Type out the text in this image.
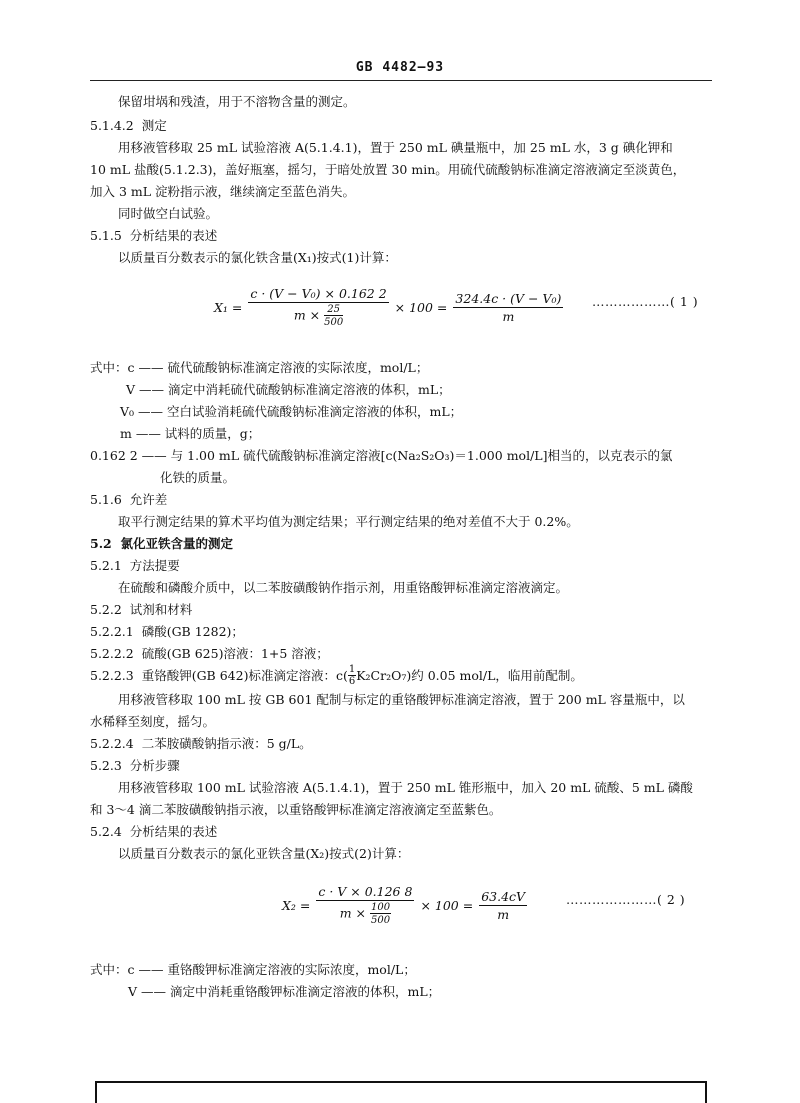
GB 4482—93
保留坩埚和残渣，用于不溶物含量的测定。
5.1.4.2 测定
用移液管移取 25 mL 试验溶液 A(5.1.4.1)，置于 250 mL 碘量瓶中，加 25 mL 水，3 g 碘化钾和
10 mL 盐酸(5.1.2.3)，盖好瓶塞，摇匀，于暗处放置 30 min。用硫代硫酸钠标准滴定溶液滴定至淡黄色，
加入 3 mL 淀粉指示液，继续滴定至蓝色消失。
同时做空白试验。
5.1.5 分析结果的表述
以质量百分数表示的氯化铁含量(X₁)按式(1)计算：
$X_1 = \frac{\text{c · (V − V₀) × 0.162 2}}{m \times \frac{25}{500}} \times 100 = \frac{\text{324.4c · (V − V₀)}}{m}$ ………………( 1 )
式中：c —— 硫代硫酸钠标准滴定溶液的实际浓度，mol/L；
V —— 滴定中消耗硫代硫酸钠标准滴定溶液的体积，mL；
V₀ —— 空白试验消耗硫代硫酸钠标准滴定溶液的体积，mL；
m —— 试料的质量，g；
0.162 2 —— 与 1.00 mL 硫代硫酸钠标准滴定溶液[c(Na₂S₂O₃)＝1.000 mol/L]相当的，以克表示的氯
化铁的质量。
5.1.6 允许差
取平行测定结果的算术平均值为测定结果；平行测定结果的绝对差值不大于 0.2%。
5.2 氯化亚铁含量的测定
5.2.1 方法提要
在硫酸和磷酸介质中，以二苯胺磺酸钠作指示剂，用重铬酸钾标准滴定溶液滴定。
5.2.2 试剂和材料
5.2.2.1 磷酸(GB 1282)；
5.2.2.2 硫酸(GB 625)溶液：1+5 溶液；
5.2.2.3
重铬酸钾(GB 642)标准滴定溶液：$c( \frac{1}{6} K_2Cr_2O_7)$约 0.05 mol/L，临用前配制。
用移液管移取 100 mL 按 GB 601 配制与标定的重铬酸钾标准滴定溶液，置于 200 mL 容量瓶中，以
水稀释至刻度，摇匀。
5.2.2.4 二苯胺磺酸钠指示液：5 g/L。
5.2.3 分析步骤
用移液管移取 100 mL 试验溶液 A(5.1.4.1)，置于 250 mL 锥形瓶中，加入 20 mL 硫酸、5 mL 磷酸
和 3～4 滴二苯胺磺酸钠指示液，以重铬酸钾标准滴定溶液滴定至蓝紫色。
5.2.4 分析结果的表述
以质量百分数表示的氯化亚铁含量(X₂)按式(2)计算：
$X_2 = \frac{c \cdot V \times 0.126 8}{m \times \frac{100}{500}} \times 100 = \frac{63.4cV}{m}$	…………………( 2 )
式中：c —— 重铬酸钾标准滴定溶液的实际浓度，mol/L；
V —— 滴定中消耗重铬酸钾标准滴定溶液的体积，mL；
